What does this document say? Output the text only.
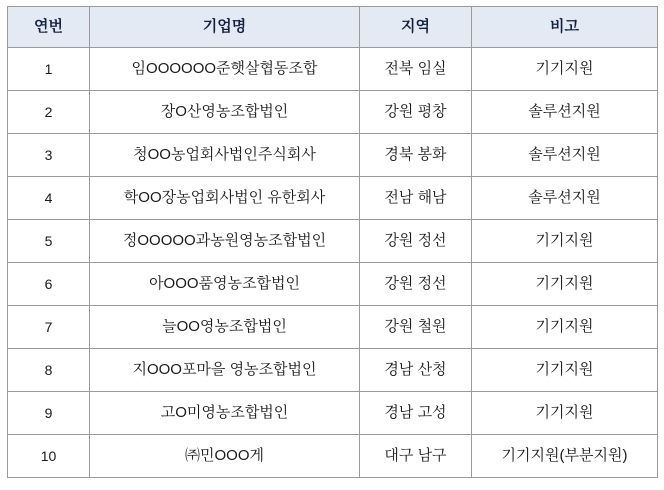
연번	기업명	지역	비고
1	임OOOOOO준햇살협동조합	전북 임실	기기지원
2	장O산영농조합법인	강원 평창	솔루션지원
3	청OO농업회사법인주식회사	경북 봉화	솔루션지원
4	학OO장농업회사법인 유한회사	전남 해남	솔루션지원
5	정OOOOO과농원영농조합법인	강원 정선	기기지원
6	아OOO품영농조합법인	강원 정선	기기지원
7	늘OO영농조합법인	강원 철원	기기지원
8	지OOO포마을 영농조합법인	경남 산청	기기지원
9	고O미영농조합법인	경남 고성	기기지원
10	㈜민OOO게	대구 남구	기기지원(부분지원)
